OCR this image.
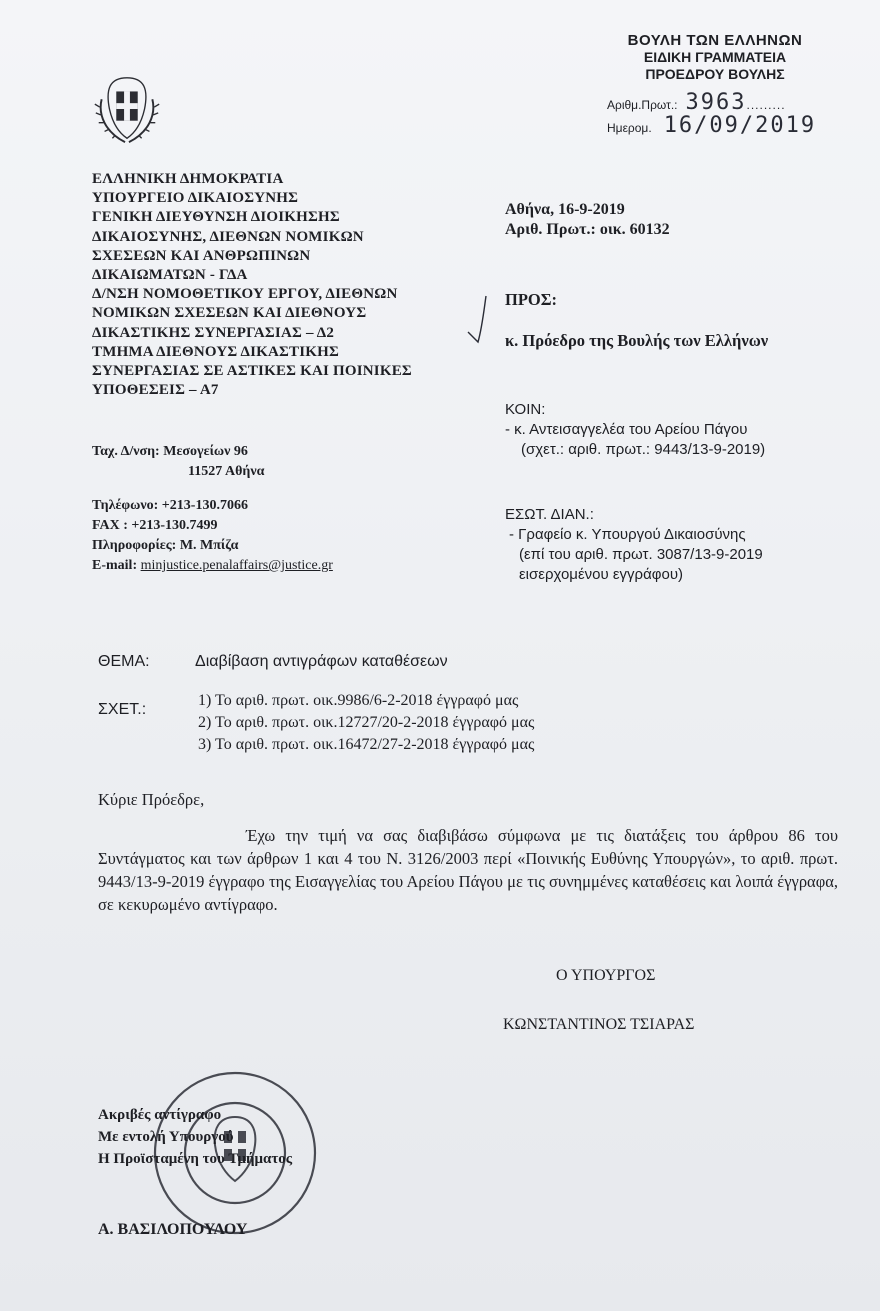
ΒΟΥΛΗ ΤΩΝ ΕΛΛΗΝΩΝ
ΕΙΔΙΚΗ ΓΡΑΜΜΑΤΕΙΑ
ΠΡΟΕΔΡΟΥ ΒΟΥΛΗΣ
Αριθμ.Πρωτ.: 3963.........
Ημερομ. 16/09/2019
ΕΛΛΗΝΙΚΗ ΔΗΜΟΚΡΑΤΙΑ
ΥΠΟΥΡΓΕΙΟ ΔΙΚΑΙΟΣΥΝΗΣ
ΓΕΝΙΚΗ ΔΙΕΥΘΥΝΣΗ ΔΙΟΙΚΗΣΗΣ
ΔΙΚΑΙΟΣΥΝΗΣ, ΔΙΕΘΝΩΝ ΝΟΜΙΚΩΝ
ΣΧΕΣΕΩΝ ΚΑΙ ΑΝΘΡΩΠΙΝΩΝ
ΔΙΚΑΙΩΜΑΤΩΝ - ΓΔΑ
Δ/ΝΣΗ ΝΟΜΟΘΕΤΙΚΟΥ ΕΡΓΟΥ, ΔΙΕΘΝΩΝ
ΝΟΜΙΚΩΝ ΣΧΕΣΕΩΝ ΚΑΙ ΔΙΕΘΝΟΥΣ
ΔΙΚΑΣΤΙΚΗΣ ΣΥΝΕΡΓΑΣΙΑΣ – Δ2
ΤΜΗΜΑ ΔΙΕΘΝΟΥΣ ΔΙΚΑΣΤΙΚΗΣ
ΣΥΝΕΡΓΑΣΙΑΣ ΣΕ ΑΣΤΙΚΕΣ ΚΑΙ ΠΟΙΝΙΚΕΣ
ΥΠΟΘΕΣΕΙΣ – Α7
Αθήνα, 16-9-2019
Αριθ. Πρωτ.: οικ. 60132
ΠΡΟΣ:
κ. Πρόεδρο της Βουλής των Ελλήνων
ΚΟΙΝ:
- κ. Αντεισαγγελέα του Αρείου Πάγου
(σχετ.: αριθ. πρωτ.: 9443/13-9-2019)
ΕΣΩΤ. ΔΙΑΝ.:
- Γραφείο κ. Υπουργού Δικαιοσύνης
(επί του αριθ. πρωτ. 3087/13-9-2019
εισερχομένου εγγράφου)
Ταχ. Δ/νση: Μεσογείων 96
11527 Αθήνα
Τηλέφωνο: +213-130.7066
FAX : +213-130.7499
Πληροφορίες: Μ. Μπίζα
E-mail: minjustice.penalaffairs@justice.gr
ΘΕΜΑ:	Διαβίβαση αντιγράφων καταθέσεων
ΣΧΕΤ.:
1) Το αριθ. πρωτ. οικ.9986/6-2-2018 έγγραφό μας
2) Το αριθ. πρωτ. οικ.12727/20-2-2018 έγγραφό μας
3) Το αριθ. πρωτ. οικ.16472/27-2-2018 έγγραφό μας
Κύριε Πρόεδρε,

Έχω την τιμή να σας διαβιβάσω σύμφωνα με τις διατάξεις του άρθρου 86 του Συντάγματος και των άρθρων 1 και 4 του Ν. 3126/2003 περί «Ποινικής Ευθύνης Υπουργών», το αριθ. πρωτ. 9443/13-9-2019 έγγραφο της Εισαγγελίας του Αρείου Πάγου με τις συνημμένες καταθέσεις και λοιπά έγγραφα, σε κεκυρωμένο αντίγραφο.

Ο ΥΠΟΥΡΓΟΣ
ΚΩΝΣΤΑΝΤΙΝΟΣ ΤΣΙΑΡΑΣ
Ακριβές αντίγραφο
Με εντολή Υπουργού
Η Προϊσταμένη του Τμήματος
Α. ΒΑΣΙΛΟΠΟΥΛΟΥ
